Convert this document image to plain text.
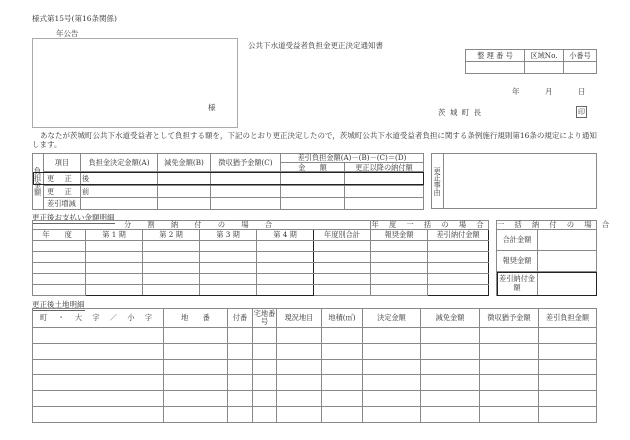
様式第15号(第16条関係)
年公告
様
公共下水道受益者負担金更正決定通知書
整 理 番 号	区域No.	小番号

年	月	日
茨 城 町 長	印
あなたが茨城町公共下水道受益者として負担する額を，下記のとおり更正決定したので，茨城町公共下水道受益者負担に関する条例施行規則第16条の規定により通知します。
負担金額	項目	負担金決定金額(A)	減免金額(B)	徴収猶予金額(C)	差引負担金額(A)－(B)－(C)＝(D)	
					金　　額	更正以降の納付額
	更 正 後					
	更 正 前					
	差引増減					
更正事由	
更正後お支払い金額明細
分 割 納 付 の 場 合						年 度 一 括 の 場 合	
年　度	第 1 期	第 2 期	第 3 期	第 4 期	年度別合計	報奨金額	差引納付金額

一 括 納 付 の 場 合	
合計金額	
報奨金額	
差引納付金額	
更正後土地明細
町 ・ 大 字 ／ 小 字	地　　番	付番	宅地番号	現況地目	地積(㎡)	決定金額	減免金額	徴収猶予金額	差引負担金額
